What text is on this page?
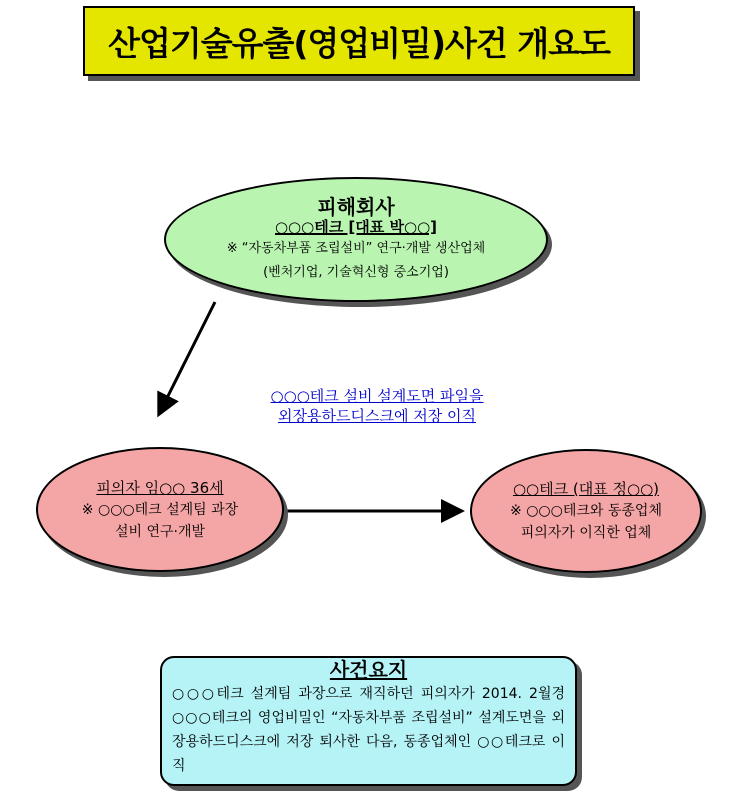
산업기술유출(영업비밀)사건 개요도
피해회사
○○○테크 [대표 박○○]
※ “자동차부품 조립설비” 연구·개발 생산업체
(벤처기업, 기술혁신형 중소기업)
○○○테크 설비 설계도면 파일을
외장용하드디스크에 저장 이직
피의자 임○○ 36세
※ ○○○테크 설계팀 과장
설비 연구·개발
○○테크 (대표 정○○)
※ ○○○테크와 동종업체
피의자가 이직한 업체
사건요지
○○○테크 설계팀 과장으로 재직하던 피의자가 2014. 2월경 ○○○테크의 영업비밀인 “자동차부품 조립설비” 설계도면을 외장용하드디스크에 저장 퇴사한 다음, 동종업체인 ○○테크로 이직
